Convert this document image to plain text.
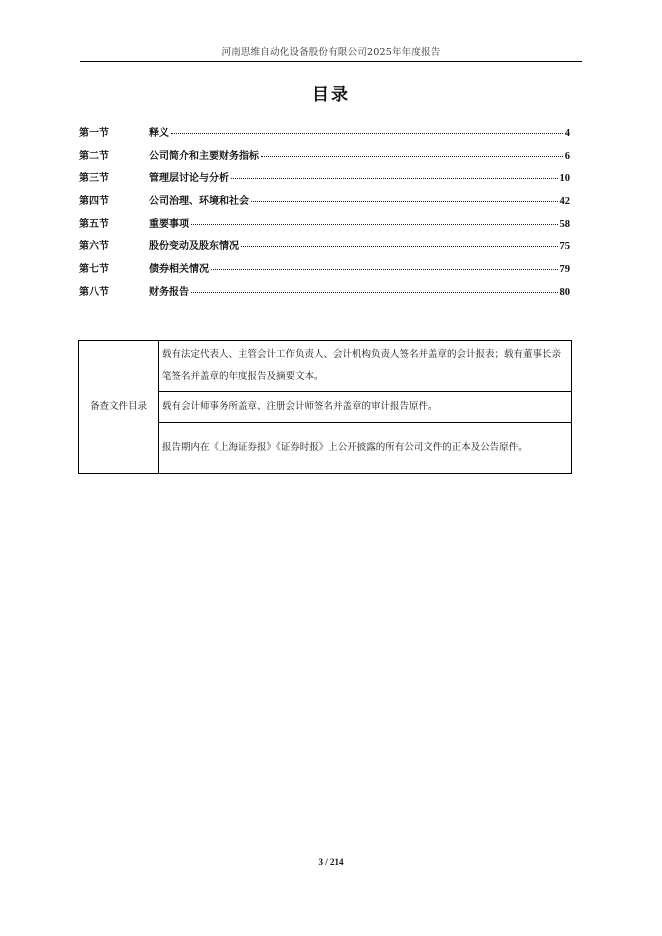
河南思维自动化设备股份有限公司2025年年度报告
目录
第一节	释义	4
第二节	公司简介和主要财务指标	6
第三节	管理层讨论与分析	10
第四节	公司治理、环境和社会	42
第五节	重要事项	58
第六节	股份变动及股东情况	75
第七节	债券相关情况	79
第八节	财务报告	80
备查文件目录	载有法定代表人、主管会计工作负责人、会计机构负责人签名并盖章的会计报表；载有董事长亲笔签名并盖章的年度报告及摘要文本。
载有会计师事务所盖章、注册会计师签名并盖章的审计报告原件。
报告期内在《上海证券报》《证券时报》上公开披露的所有公司文件的正本及公告原件。
3 / 214
